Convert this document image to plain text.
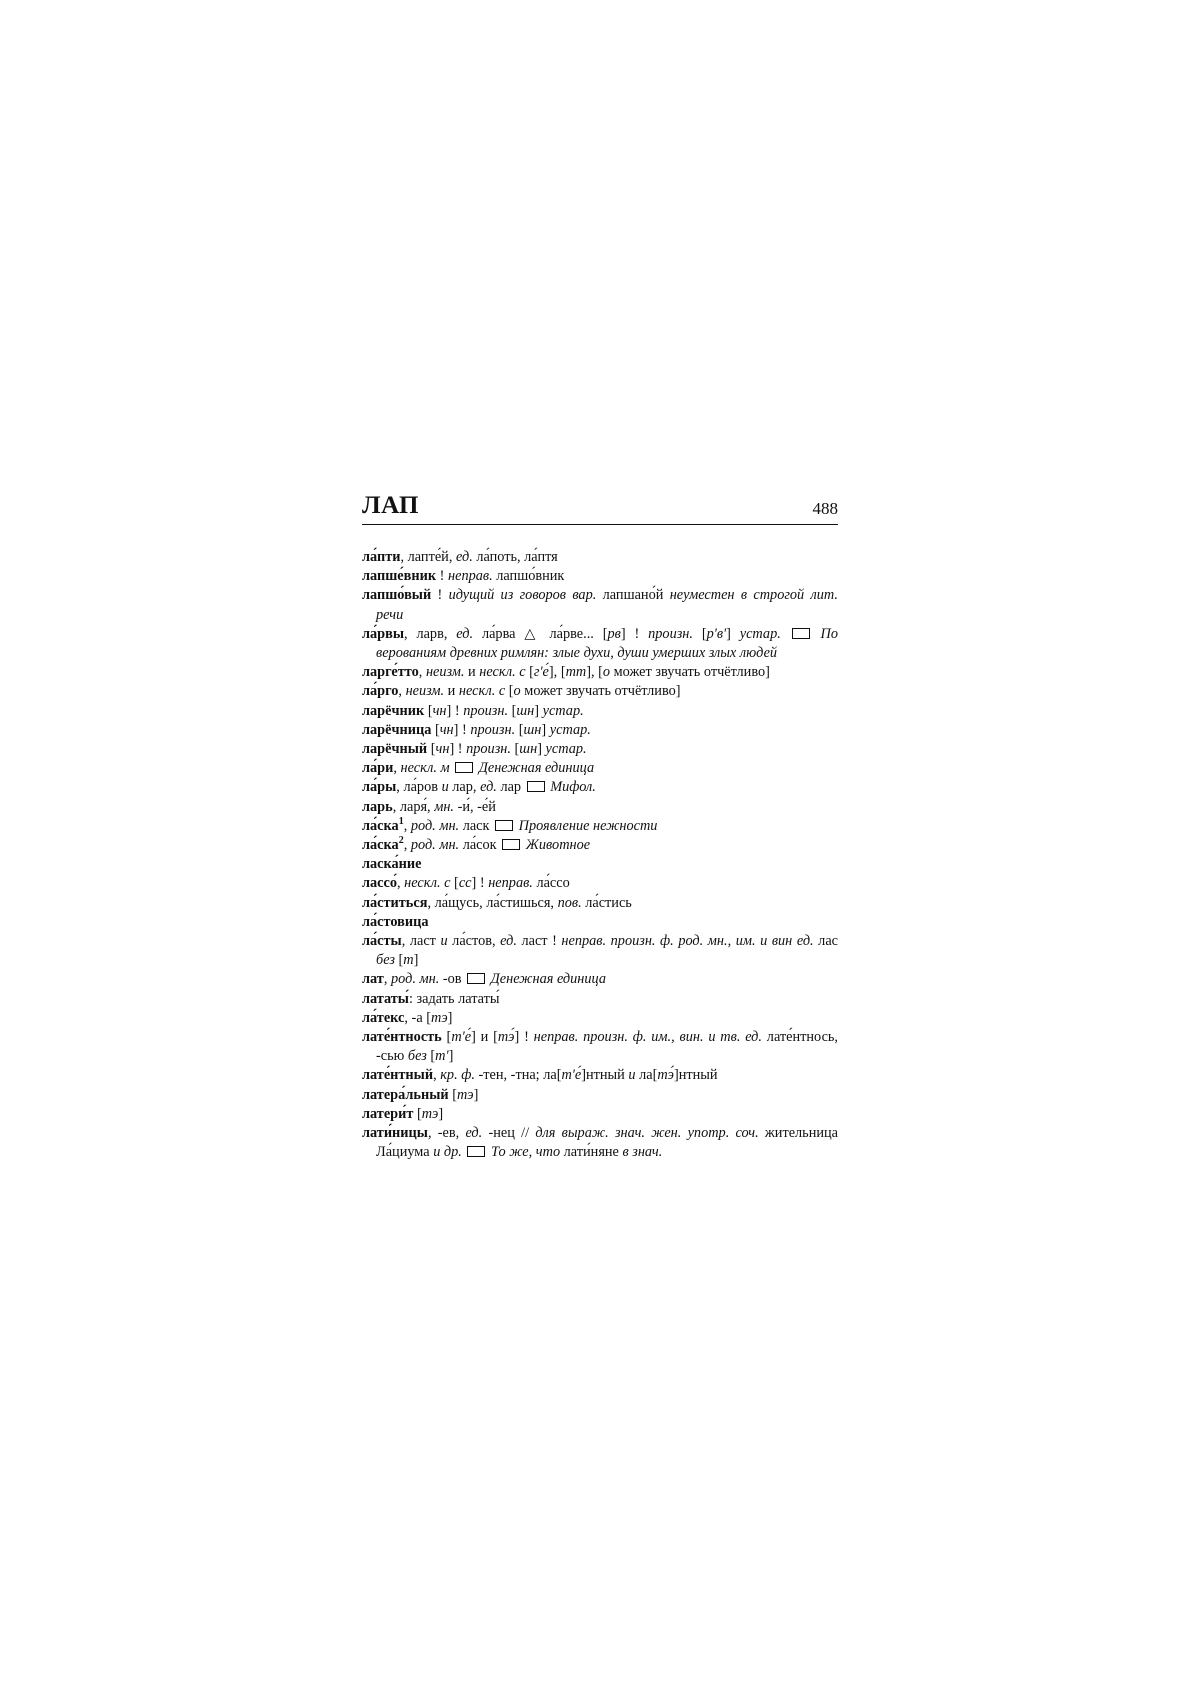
ЛАП	488
ла́пти, лапте́й, ед. ла́поть, ла́птя
лапше́вник ! неправ. лапшо́вник
лапшо́вый ! идущий из говоров вар. лапшано́й неуместен в строгой лит. речи
ла́рвы, ларв, ед. ла́рва △ ла́рве... [рв] ! произн. [р'в'] устар.	По верованиям древних римлян: злые духи, души умерших злых людей
ларге́тто, неизм. и нескл. с [г'е́], [тт], [о может звучать отчётливо]
ла́рго, неизм. и нескл. с [о может звучать отчётливо]
ларёчник [чн] ! произн. [шн] устар.
ларёчница [чн] ! произн. [шн] устар.
ларёчный [чн] ! произн. [шн] устар.
ла́ри, нескл. м Денежная единица
ла́ры, ла́ров и лар, ед. лар  Мифол.
ларь, ларя́, мн. -и́, -е́й
ла́ска$^1$, род. мн. ласк  Проявление нежности
ла́ска$^2$, род. мн. ла́сок  Животное
ласка́ние
лассо́, нескл. с [сс] ! неправ. ла́ссо
ла́ститься, ла́щусь, ла́стишься, пов. ла́стись
ла́стовица
ла́сты, ласт и ла́стов, ед. ласт ! неправ. произн. ф. род. мн., им. и вин ед. лас без [т]
лат, род. мн. -ов  Денежная единица
лататы́: задать лататы́
ла́текс, -а [тэ]
лате́нтность [т'е́] и [тэ́] ! неправ. произн. ф. им., вин. и тв. ед. лате́нтнось, -сью без [т']
лате́нтный, кр. ф. -тен, -тна; ла[т'е́]нтный и ла[тэ́]нтный
латера́льный [тэ]
латери́т [тэ]
лати́ницы, -ев, ед. -нец // для выраж. знач. жен. употр. соч. жительница Ла́циума и др. То же, что лати́няне в знач.
